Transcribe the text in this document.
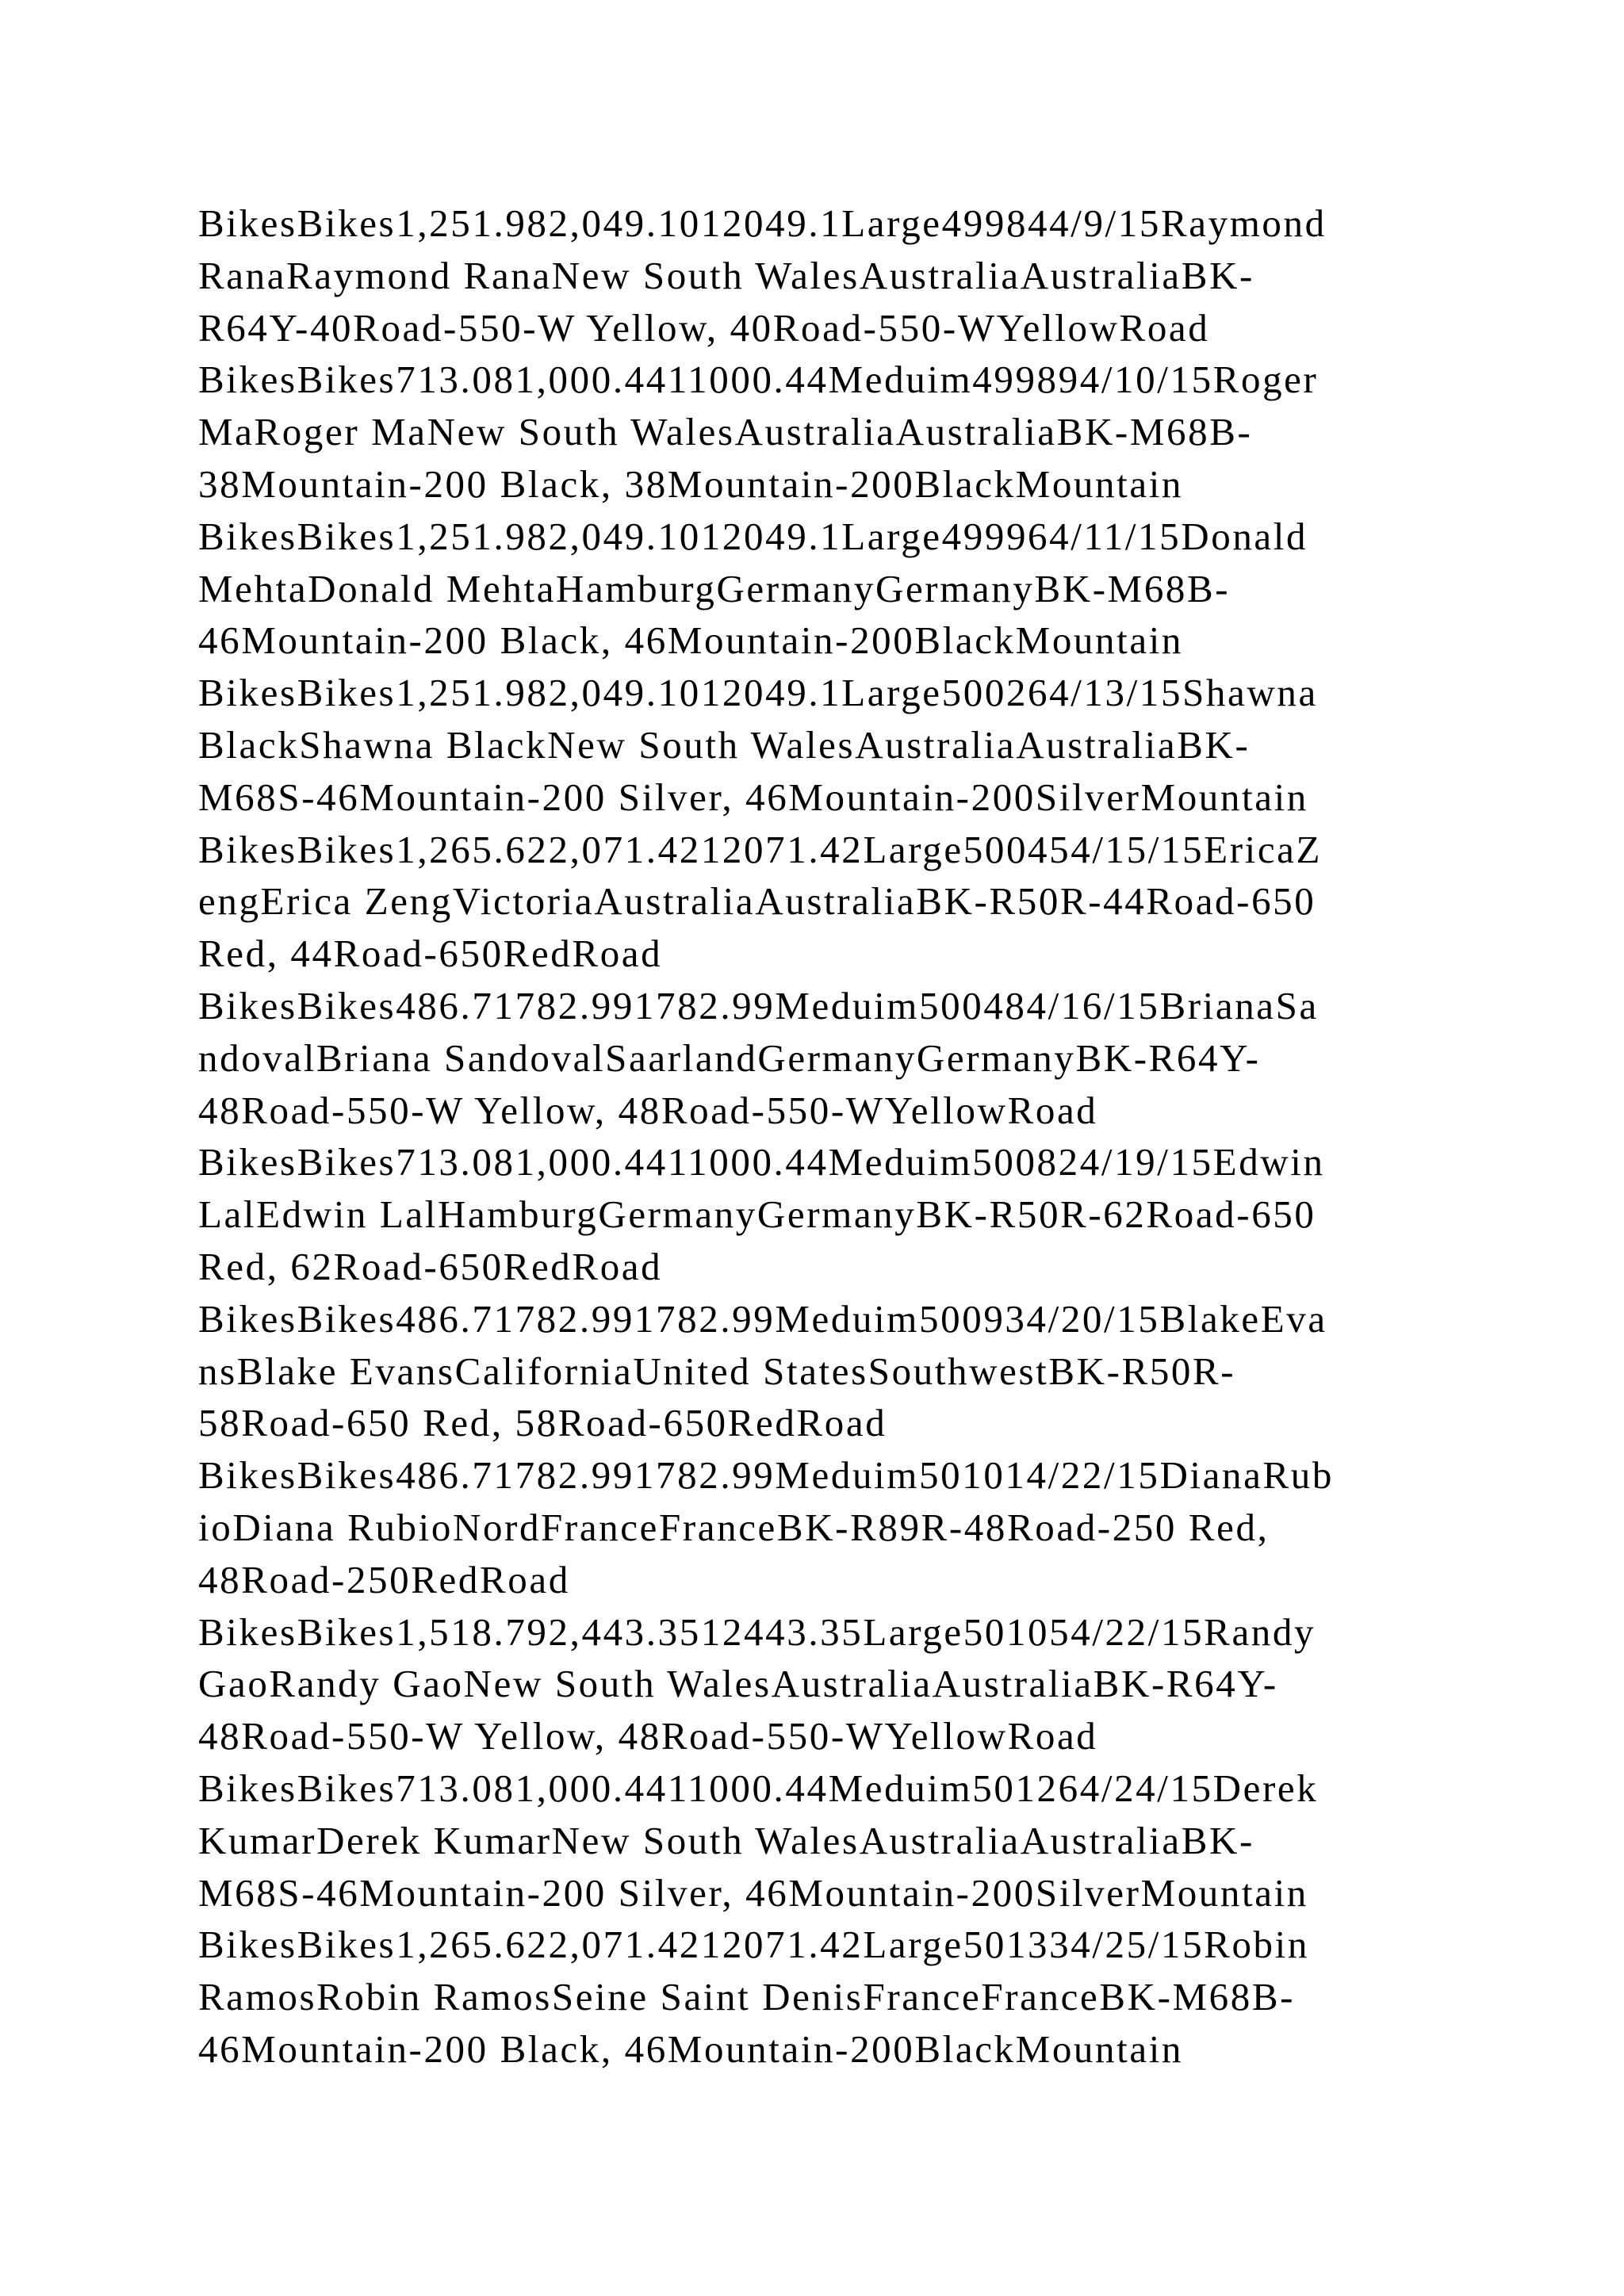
BikesBikes1,251.982,049.1012049.1Large499844/9/15Raymond
RanaRaymond RanaNew South WalesAustraliaAustraliaBK-
R64Y-40Road-550-W Yellow, 40Road-550-WYellowRoad
BikesBikes713.081,000.4411000.44Meduim499894/10/15Roger
MaRoger MaNew South WalesAustraliaAustraliaBK-M68B-
38Mountain-200 Black, 38Mountain-200BlackMountain
BikesBikes1,251.982,049.1012049.1Large499964/11/15Donald
MehtaDonald MehtaHamburgGermanyGermanyBK-M68B-
46Mountain-200 Black, 46Mountain-200BlackMountain
BikesBikes1,251.982,049.1012049.1Large500264/13/15Shawna
BlackShawna BlackNew South WalesAustraliaAustraliaBK-
M68S-46Mountain-200 Silver, 46Mountain-200SilverMountain
BikesBikes1,265.622,071.4212071.42Large500454/15/15EricaZ
engErica ZengVictoriaAustraliaAustraliaBK-R50R-44Road-650
Red, 44Road-650RedRoad
BikesBikes486.71782.991782.99Meduim500484/16/15BrianaSa
ndovalBriana SandovalSaarlandGermanyGermanyBK-R64Y-
48Road-550-W Yellow, 48Road-550-WYellowRoad
BikesBikes713.081,000.4411000.44Meduim500824/19/15Edwin
LalEdwin LalHamburgGermanyGermanyBK-R50R-62Road-650
Red, 62Road-650RedRoad
BikesBikes486.71782.991782.99Meduim500934/20/15BlakeEva
nsBlake EvansCaliforniaUnited StatesSouthwestBK-R50R-
58Road-650 Red, 58Road-650RedRoad
BikesBikes486.71782.991782.99Meduim501014/22/15DianaRub
ioDiana RubioNordFranceFranceBK-R89R-48Road-250 Red,
48Road-250RedRoad
BikesBikes1,518.792,443.3512443.35Large501054/22/15Randy
GaoRandy GaoNew South WalesAustraliaAustraliaBK-R64Y-
48Road-550-W Yellow, 48Road-550-WYellowRoad
BikesBikes713.081,000.4411000.44Meduim501264/24/15Derek
KumarDerek KumarNew South WalesAustraliaAustraliaBK-
M68S-46Mountain-200 Silver, 46Mountain-200SilverMountain
BikesBikes1,265.622,071.4212071.42Large501334/25/15Robin
RamosRobin RamosSeine Saint DenisFranceFranceBK-M68B-
46Mountain-200 Black, 46Mountain-200BlackMountain
